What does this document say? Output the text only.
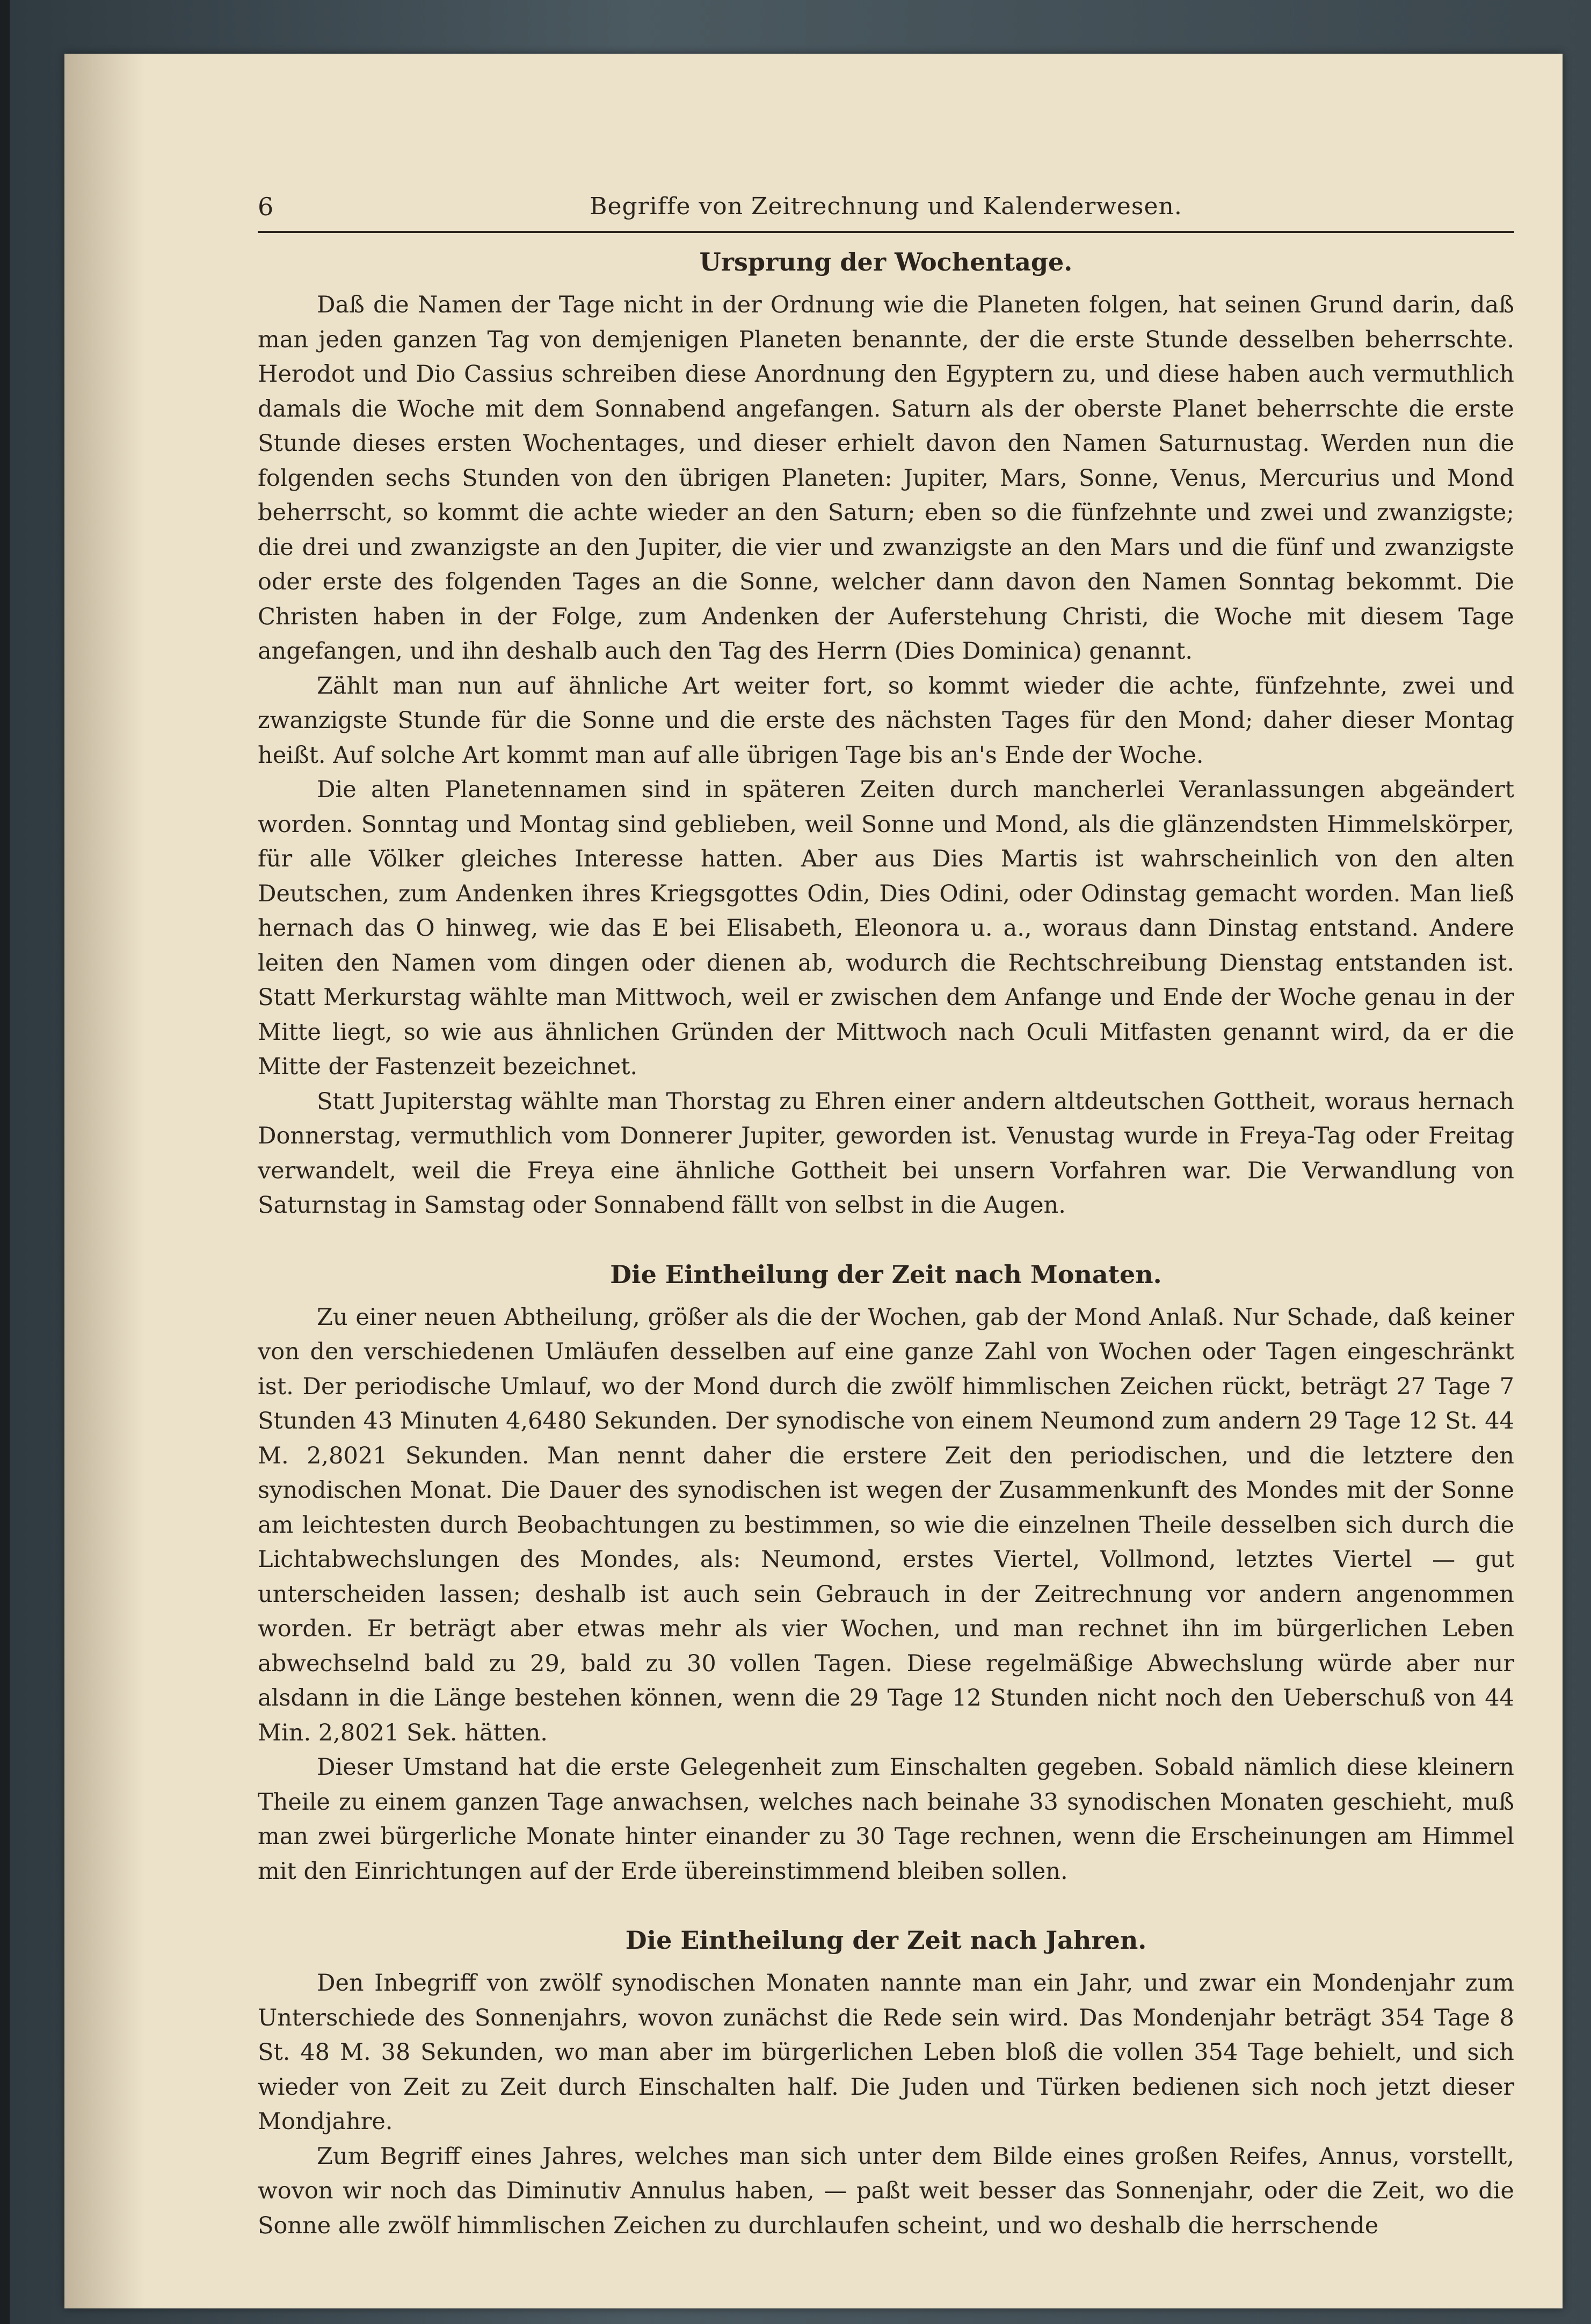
6	Begriffe von Zeitrechnung und Kalenderwesen.
Ursprung der Wochentage.

Daß die Namen der Tage nicht in der Ordnung wie die Planeten folgen, hat seinen Grund darin, daß man jeden ganzen Tag von demjenigen Planeten benannte, der die erste Stunde desselben beherrschte. Herodot und Dio Cassius schreiben diese Anordnung den Egyptern zu, und diese haben auch vermuthlich damals die Woche mit dem Sonnabend angefangen. Saturn als der oberste Planet beherrschte die erste Stunde dieses ersten Wochentages, und dieser erhielt davon den Namen Saturnustag. Werden nun die folgenden sechs Stunden von den übrigen Planeten: Jupiter, Mars, Sonne, Venus, Mercurius und Mond beherrscht, so kommt die achte wieder an den Saturn; eben so die fünfzehnte und zwei und zwanzigste; die drei und zwanzigste an den Jupiter, die vier und zwanzigste an den Mars und die fünf und zwanzigste oder erste des folgenden Tages an die Sonne, welcher dann davon den Namen Sonntag bekommt. Die Christen haben in der Folge, zum Andenken der Auferstehung Christi, die Woche mit diesem Tage angefangen, und ihn deshalb auch den Tag des Herrn (Dies Dominica) genannt.

Zählt man nun auf ähnliche Art weiter fort, so kommt wieder die achte, fünfzehnte, zwei und zwanzigste Stunde für die Sonne und die erste des nächsten Tages für den Mond; daher dieser Montag heißt. Auf solche Art kommt man auf alle übrigen Tage bis an's Ende der Woche.

Die alten Planetennamen sind in späteren Zeiten durch mancherlei Veranlassungen abgeändert worden. Sonntag und Montag sind geblieben, weil Sonne und Mond, als die glänzendsten Himmelskörper, für alle Völker gleiches Interesse hatten. Aber aus Dies Martis ist wahrscheinlich von den alten Deutschen, zum Andenken ihres Kriegsgottes Odin, Dies Odini, oder Odinstag gemacht worden. Man ließ hernach das O hinweg, wie das E bei Elisabeth, Eleonora u. a., woraus dann Dinstag entstand. Andere leiten den Namen vom dingen oder dienen ab, wodurch die Rechtschreibung Dienstag entstanden ist. Statt Merkurstag wählte man Mittwoch, weil er zwischen dem Anfange und Ende der Woche genau in der Mitte liegt, so wie aus ähnlichen Gründen der Mittwoch nach Oculi Mitfasten genannt wird, da er die Mitte der Fastenzeit bezeichnet.

Statt Jupiterstag wählte man Thorstag zu Ehren einer andern altdeutschen Gottheit, woraus hernach Donnerstag, vermuthlich vom Donnerer Jupiter, geworden ist. Venustag wurde in Freya-Tag oder Freitag verwandelt, weil die Freya eine ähnliche Gottheit bei unsern Vorfahren war. Die Verwandlung von Saturnstag in Samstag oder Sonnabend fällt von selbst in die Augen.

Die Eintheilung der Zeit nach Monaten.

Zu einer neuen Abtheilung, größer als die der Wochen, gab der Mond Anlaß. Nur Schade, daß keiner von den verschiedenen Umläufen desselben auf eine ganze Zahl von Wochen oder Tagen eingeschränkt ist. Der periodische Umlauf, wo der Mond durch die zwölf himmlischen Zeichen rückt, beträgt 27 Tage 7 Stunden 43 Minuten 4,6480 Sekunden. Der synodische von einem Neumond zum andern 29 Tage 12 St. 44 M. 2,8021 Sekunden. Man nennt daher die erstere Zeit den periodischen, und die letztere den synodischen Monat. Die Dauer des synodischen ist wegen der Zusammenkunft des Mondes mit der Sonne am leichtesten durch Beobachtungen zu bestimmen, so wie die einzelnen Theile desselben sich durch die Lichtabwechslungen des Mondes, als: Neumond, erstes Viertel, Vollmond, letztes Viertel — gut unterscheiden lassen; deshalb ist auch sein Gebrauch in der Zeitrechnung vor andern angenommen worden. Er beträgt aber etwas mehr als vier Wochen, und man rechnet ihn im bürgerlichen Leben abwechselnd bald zu 29, bald zu 30 vollen Tagen. Diese regelmäßige Abwechslung würde aber nur alsdann in die Länge bestehen können, wenn die 29 Tage 12 Stunden nicht noch den Ueberschuß von 44 Min. 2,8021 Sek. hätten.

Dieser Umstand hat die erste Gelegenheit zum Einschalten gegeben. Sobald nämlich diese kleinern Theile zu einem ganzen Tage anwachsen, welches nach beinahe 33 synodischen Monaten geschieht, muß man zwei bürgerliche Monate hinter einander zu 30 Tage rechnen, wenn die Erscheinungen am Himmel mit den Einrichtungen auf der Erde übereinstimmend bleiben sollen.

Die Eintheilung der Zeit nach Jahren.

Den Inbegriff von zwölf synodischen Monaten nannte man ein Jahr, und zwar ein Mondenjahr zum Unterschiede des Sonnenjahrs, wovon zunächst die Rede sein wird. Das Mondenjahr beträgt 354 Tage 8 St. 48 M. 38 Sekunden, wo man aber im bürgerlichen Leben bloß die vollen 354 Tage behielt, und sich wieder von Zeit zu Zeit durch Einschalten half. Die Juden und Türken bedienen sich noch jetzt dieser Mondjahre.

Zum Begriff eines Jahres, welches man sich unter dem Bilde eines großen Reifes, Annus, vorstellt, wovon wir noch das Diminutiv Annulus haben, — paßt weit besser das Sonnenjahr, oder die Zeit, wo die Sonne alle zwölf himmlischen Zeichen zu durchlaufen scheint, und wo deshalb die herrschende
